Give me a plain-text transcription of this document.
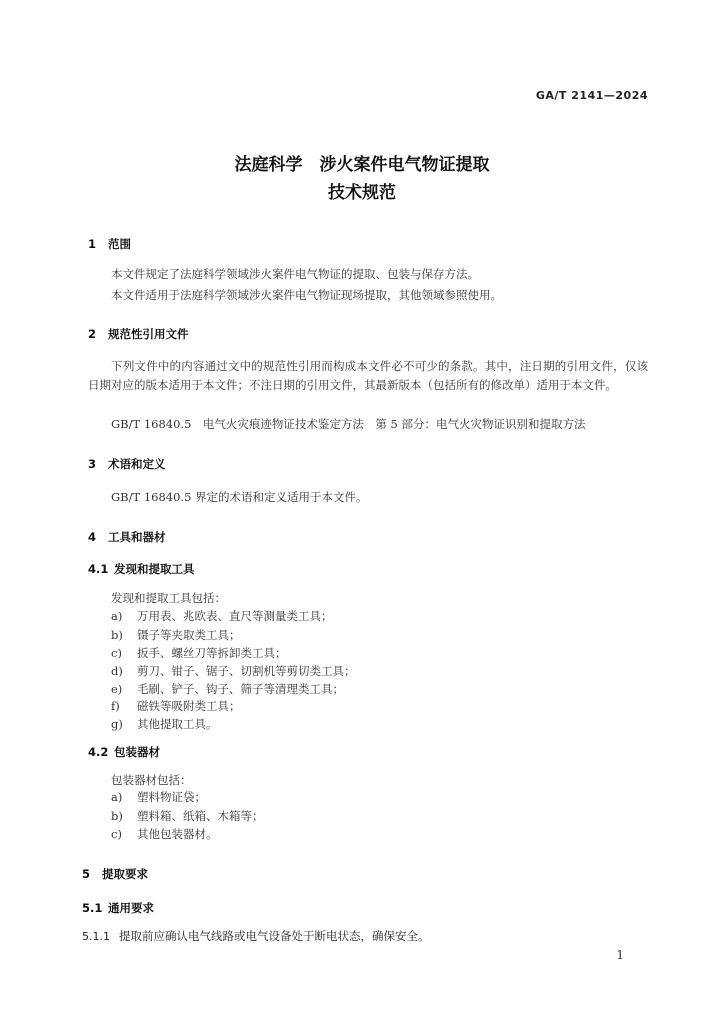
GA/T 2141—2024
法庭科学　涉火案件电气物证提取
技术规范
1 范围
本文件规定了法庭科学领域涉火案件电气物证的提取、包装与保存方法。
本文件适用于法庭科学领域涉火案件电气物证现场提取，其他领域参照使用。
2 规范性引用文件
下列文件中的内容通过文中的规范性引用而构成本文件必不可少的条款。其中，注日期的引用文件，仅该日期对应的版本适用于本文件；不注日期的引用文件，其最新版本（包括所有的修改单）适用于本文件。
GB/T 16840.5　电气火灾痕迹物证技术鉴定方法　第 5 部分：电气火灾物证识别和提取方法
3 术语和定义
GB/T 16840.5 界定的术语和定义适用于本文件。
4 工具和器材
4.1 发现和提取工具
发现和提取工具包括：
a) 万用表、兆欧表、直尺等测量类工具；
b) 镊子等夹取类工具；
c) 扳手、螺丝刀等拆卸类工具；
d) 剪刀、钳子、锯子、切割机等剪切类工具；
e) 毛刷、铲子、钩子、筛子等清理类工具；
f) 磁铁等吸附类工具；
g) 其他提取工具。
4.2 包装器材
包装器材包括：
a) 塑料物证袋；
b) 塑料箱、纸箱、木箱等；
c) 其他包装器材。
5 提取要求
5.1 通用要求
5.1.1 提取前应确认电气线路或电气设备处于断电状态，确保安全。
1
